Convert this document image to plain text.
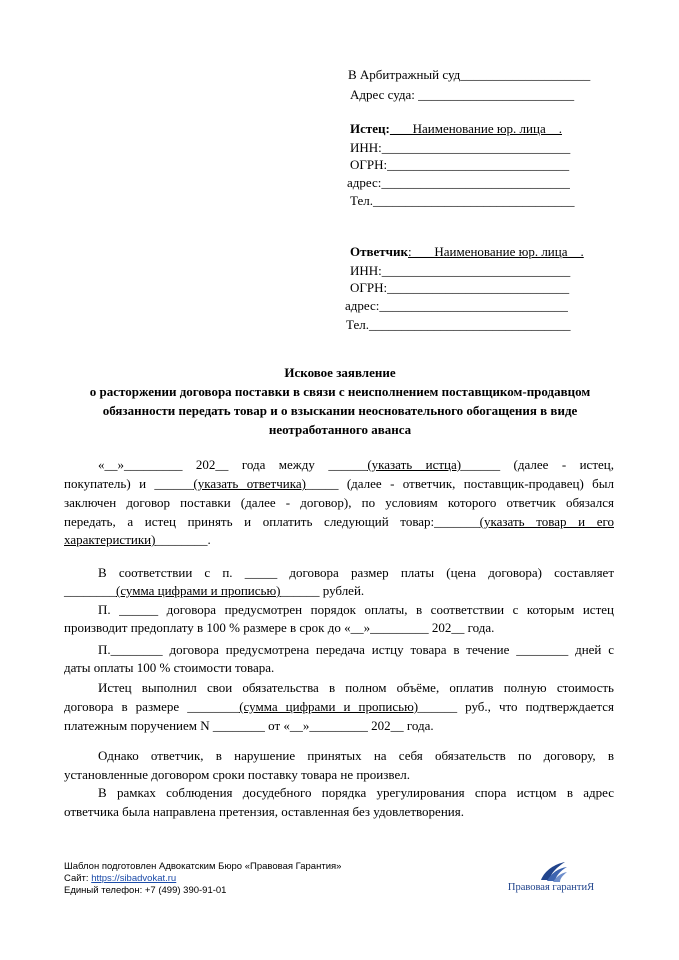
В Арбитражный суд____________________
Адрес суда: ________________________
Истец: ___Наименование юр. лица__.
ИНН:_____________________________
ОГРН:____________________________
адрес:_____________________________
Тел._______________________________
Ответчик: ___Наименование юр. лица__.
ИНН:_____________________________
ОГРН:____________________________
адрес:_____________________________
Тел._______________________________
Исковое заявление
о расторжении договора поставки в связи с неисполнением поставщиком-продавцом
обязанности передать товар и о взыскании неосновательного обогащения в виде
неотработанного аванса
«__»_________ 202__ года между ______(указать истца)______ (далее - истец,
покупатель) и ______(указать ответчика)_____ (далее - ответчик, поставщик-продавец) был
заключен договор поставки (далее - договор), по условиям которого ответчик обязался
передать, а истец принять и оплатить следующий товар:_______(указать товар и его
характеристики)________.
В соответствии с п. _____ договора размер платы (цена договора) составляет
________(сумма цифрами и прописью)______ рублей.
П. ______ договора предусмотрен порядок оплаты, в соответствии с которым истец
производит предоплату в 100 % размере в срок до «__»_________ 202__ года.
П.________ договора предусмотрена передача истцу товара в течение ________ дней с
даты оплаты 100 % стоимости товара.
Истец выполнил свои обязательства в полном объёме, оплатив полную стоимость
договора в размере ________(сумма цифрами и прописью)______ руб., что подтверждается
платежным поручением N ________ от «__»_________ 202__ года.
Однако ответчик, в нарушение принятых на себя обязательств по договору, в
установленные договором сроки поставку товара не произвел.
В рамках соблюдения досудебного порядка урегулирования спора истцом в адрес
ответчика была направлена претензия, оставленная без удовлетворения.
Шаблон подготовлен Адвокатским Бюро «Правовая Гарантия»
Сайт: https://sibadvokat.ru
Единый телефон: +7 (499) 390-91-01	Правовая гарантиЯ
